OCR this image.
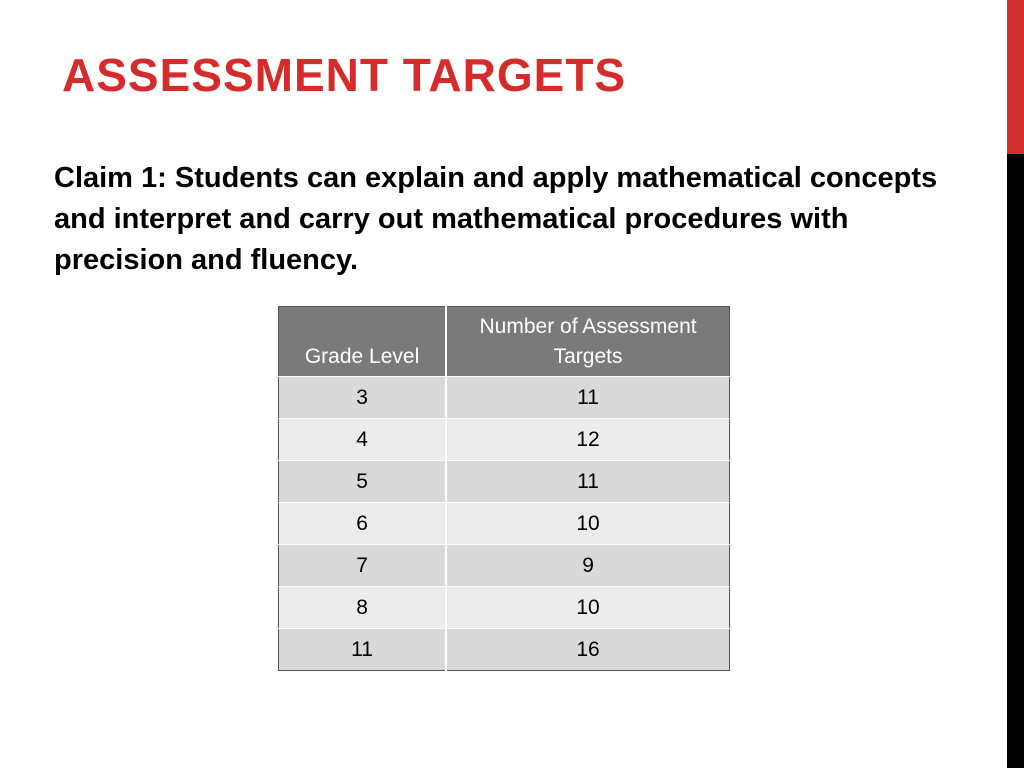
ASSESSMENT TARGETS

Claim 1: Students can explain and apply mathematical concepts and interpret and carry out mathematical procedures with precision and fluency.

Grade Level	Number of Assessment Targets
3	11
4	12
5	11
6	10
7	9
8	10
11	16
